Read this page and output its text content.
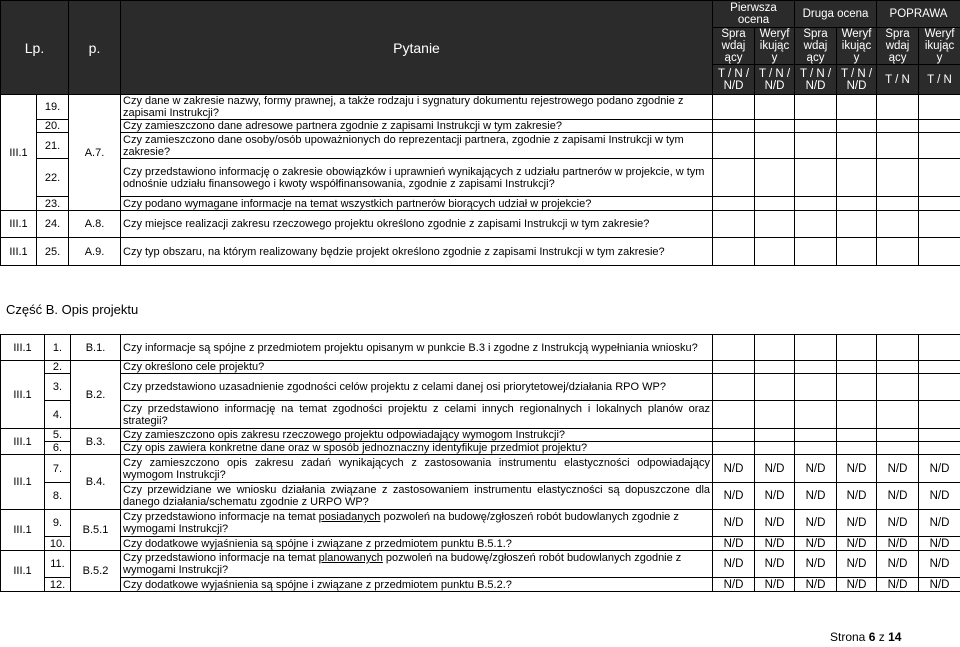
Lp.		p.	Pytanie	Pierwsza ocena		Druga ocena		POPRAWA	
				Spra wdaj ący	Weryf ikując y	Spra wdaj ący	Weryf ikując y	Spra wdaj ący	Weryf ikując y
				T / N / N/D	T / N / N/D	T / N / N/D	T / N / N/D	T / N	T / N
III.1	19.	A.7.	Czy dane w zakresie nazwy, formy prawnej, a także rodzaju i sygnatury dokumentu rejestrowego podano zgodnie z zapisami Instrukcji?						
	20.		Czy zamieszczono dane adresowe partnera zgodnie z zapisami Instrukcji w tym zakresie?						
	21.		Czy zamieszczono dane osoby/osób upoważnionych do reprezentacji partnera, zgodnie z zapisami Instrukcji w tym zakresie?						
	22.		Czy przedstawiono informację o zakresie obowiązków i uprawnień wynikających z udziału partnerów w projekcie, w tym odnośnie udziału finansowego i kwoty współfinansowania, zgodnie z zapisami Instrukcji?						
	23.		Czy podano wymagane informacje na temat wszystkich partnerów biorących udział w projekcie?						
III.1	24.	A.8.	Czy miejsce realizacji zakresu rzeczowego projektu określono zgodnie z zapisami Instrukcji w tym zakresie?						
III.1	25.	A.9.	Czy typ obszaru, na którym realizowany będzie projekt określono zgodnie z zapisami Instrukcji w tym zakresie?						
Część B. Opis projektu
III.1	1.	B.1.	Czy informacje są spójne z przedmiotem projektu opisanym w punkcie B.3 i zgodne z Instrukcją wypełniania wniosku?						
III.1	2.	B.2.	Czy określono cele projektu?						
	3.		Czy przedstawiono uzasadnienie zgodności celów projektu z celami danej osi priorytetowej/działania RPO WP?						
	4.		Czy przedstawiono informację na temat zgodności projektu z celami innych regionalnych i lokalnych planów oraz strategii?						
III.1	5.	B.3.	Czy zamieszczono opis zakresu rzeczowego projektu odpowiadający wymogom Instrukcji?						
	6.		Czy opis zawiera konkretne dane oraz w sposób jednoznaczny identyfikuje przedmiot projektu?						
III.1	7.	B.4.	Czy zamieszczono opis zakresu zadań wynikających z zastosowania instrumentu elastyczności odpowiadający wymogom Instrukcji?	N/D	N/D	N/D	N/D	N/D	N/D
	8.		Czy przewidziane we wniosku działania związane z zastosowaniem instrumentu elastyczności są dopuszczone dla danego działania/schematu zgodnie z URPO WP?	N/D	N/D	N/D	N/D	N/D	N/D
III.1	9.	B.5.1	Czy przedstawiono informacje na temat posiadanych pozwoleń na budowę/zgłoszeń robót budowlanych zgodnie z wymogami Instrukcji?	N/D	N/D	N/D	N/D	N/D	N/D
	10.		Czy dodatkowe wyjaśnienia są spójne i związane z przedmiotem punktu B.5.1.?	N/D	N/D	N/D	N/D	N/D	N/D
III.1	11.	B.5.2	Czy przedstawiono informacje na temat planowanych pozwoleń na budowę/zgłoszeń robót budowlanych zgodnie z wymogami Instrukcji?	N/D	N/D	N/D	N/D	N/D	N/D
	12.		Czy dodatkowe wyjaśnienia są spójne i związane z przedmiotem punktu B.5.2.?	N/D	N/D	N/D	N/D	N/D	N/D
Strona 6 z 14
